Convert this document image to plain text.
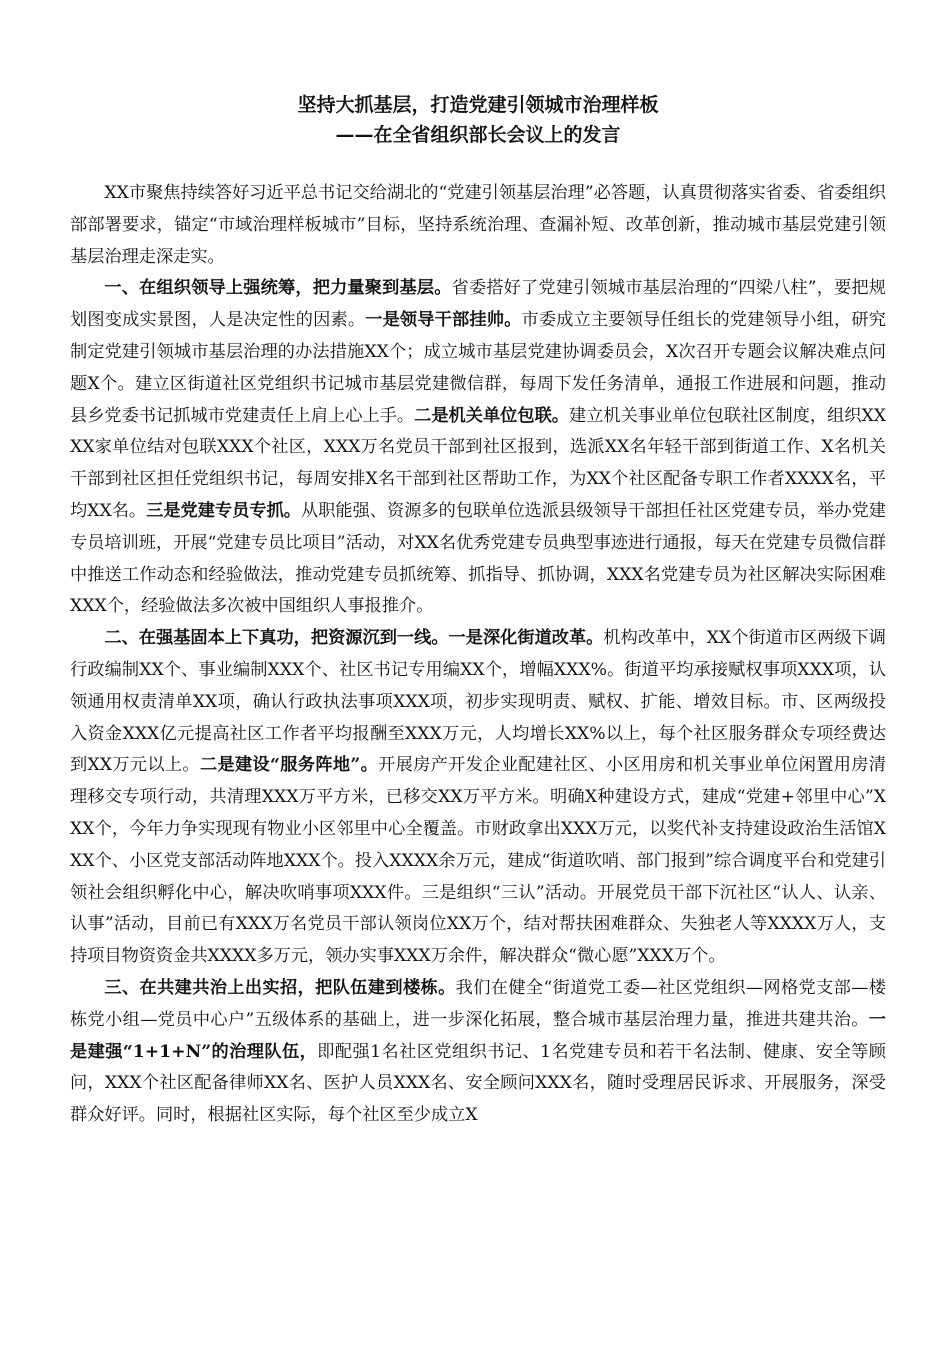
坚持大抓基层，打造党建引领城市治理样板
——在全省组织部长会议上的发言

XX市聚焦持续答好习近平总书记交给湖北的“党建引领基层治理”必答题，认真贯彻落实省委、省委组织部部署要求，锚定“市域治理样板城市”目标，坚持系统治理、查漏补短、改革创新，推动城市基层党建引领基层治理走深走实。

一、在组织领导上强统筹，把力量聚到基层。省委搭好了党建引领城市基层治理的“四梁八柱”，要把规划图变成实景图，人是决定性的因素。一是领导干部挂帅。市委成立主要领导任组长的党建领导小组，研究制定党建引领城市基层治理的办法措施XX个；成立城市基层党建协调委员会，X次召开专题会议解决难点问题X个。建立区街道社区党组织书记城市基层党建微信群，每周下发任务清单，通报工作进展和问题，推动县乡党委书记抓城市党建责任上肩上心上手。二是机关单位包联。建立机关事业单位包联社区制度，组织XXXX家单位结对包联XXX个社区，XXX万名党员干部到社区报到，选派XX名年轻干部到街道工作、X名机关干部到社区担任党组织书记，每周安排X名干部到社区帮助工作，为XX个社区配备专职工作者XXXX名，平均XX名。三是党建专员专抓。从职能强、资源多的包联单位选派县级领导干部担任社区党建专员，举办党建专员培训班，开展“党建专员比项目”活动，对XX名优秀党建专员典型事迹进行通报，每天在党建专员微信群中推送工作动态和经验做法，推动党建专员抓统筹、抓指导、抓协调，XXX名党建专员为社区解决实际困难XXX个，经验做法多次被中国组织人事报推介。

二、在强基固本上下真功，把资源沉到一线。一是深化街道改革。机构改革中，XX个街道市区两级下调行政编制XX个、事业编制XXX个、社区书记专用编XX个，增幅XXX%。街道平均承接赋权事项XXX项，认领通用权责清单XX项，确认行政执法事项XXX项，初步实现明责、赋权、扩能、增效目标。市、区两级投入资金XXX亿元提高社区工作者平均报酬至XXX万元，人均增长XX%以上，每个社区服务群众专项经费达到XX万元以上。二是建设“服务阵地”。开展房产开发企业配建社区、小区用房和机关事业单位闲置用房清理移交专项行动，共清理XXX万平方米，已移交XX万平方米。明确X种建设方式，建成“党建+邻里中心”XXX个，今年力争实现现有物业小区邻里中心全覆盖。市财政拿出XXX万元，以奖代补支持建设政治生活馆XXX个、小区党支部活动阵地XXX个。投入XXXX余万元，建成“街道吹哨、部门报到”综合调度平台和党建引领社会组织孵化中心，解决吹哨事项XXX件。三是组织“三认”活动。开展党员干部下沉社区“认人、认亲、认事”活动，目前已有XXX万名党员干部认领岗位XX万个，结对帮扶困难群众、失独老人等XXXX万人，支持项目物资资金共XXXX多万元，领办实事XXX万余件，解决群众“微心愿”XXX万个。

三、在共建共治上出实招，把队伍建到楼栋。我们在健全“街道党工委—社区党组织—网格党支部—楼栋党小组—党员中心户”五级体系的基础上，进一步深化拓展，整合城市基层治理力量，推进共建共治。一是建强“1+1+N”的治理队伍，即配强1名社区党组织书记、1名党建专员和若干名法制、健康、安全等顾问，XXX个社区配备律师XX名、医护人员XXX名、安全顾问XXX名，随时受理居民诉求、开展服务，深受群众好评。同时，根据社区实际，每个社区至少成立X
